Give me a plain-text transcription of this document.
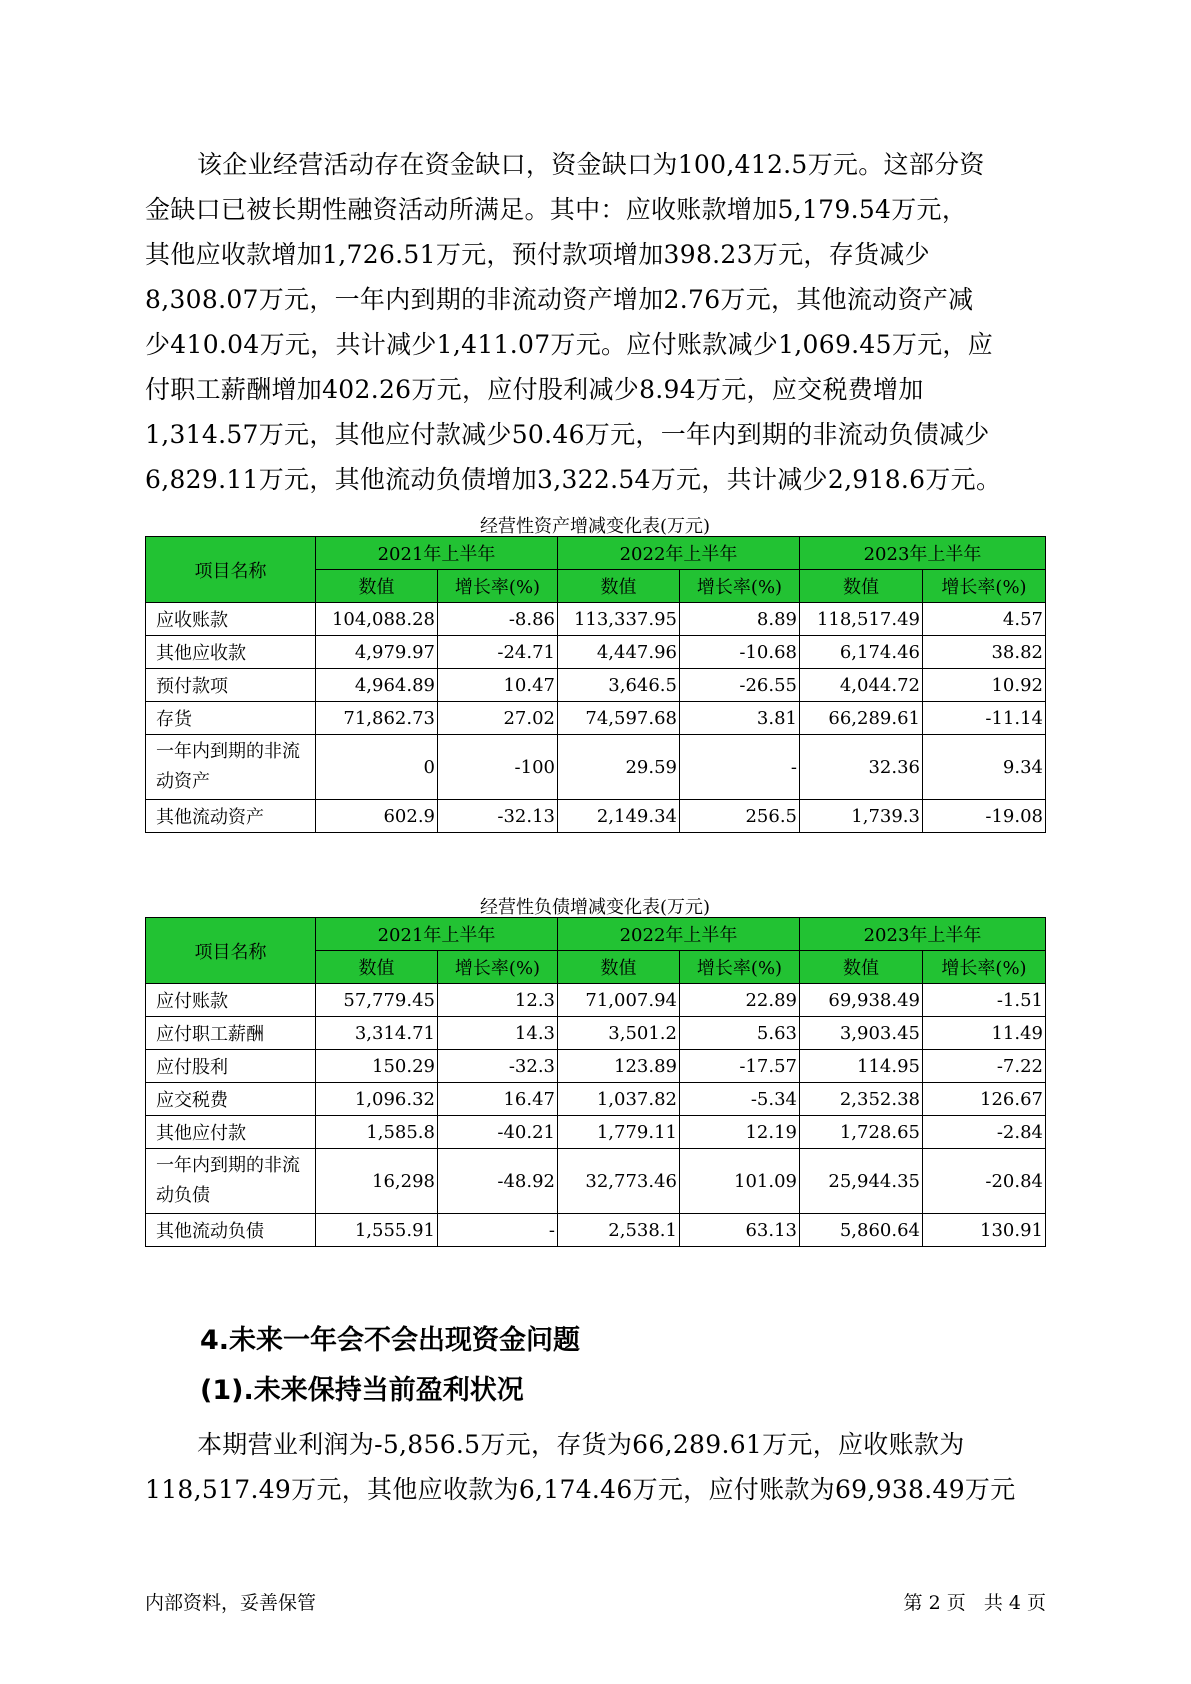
该企业经营活动存在资金缺口，资金缺口为100,412.5万元。这部分资
金缺口已被长期性融资活动所满足。其中：应收账款增加5,179.54万元，
其他应收款增加1,726.51万元，预付款项增加398.23万元，存货减少
8,308.07万元，一年内到期的非流动资产增加2.76万元，其他流动资产减
少410.04万元，共计减少1,411.07万元。应付账款减少1,069.45万元，应
付职工薪酬增加402.26万元，应付股利减少8.94万元，应交税费增加
1,314.57万元，其他应付款减少50.46万元，一年内到期的非流动负债减少
6,829.11万元，其他流动负债增加3,322.54万元，共计减少2,918.6万元。
经营性资产增减变化表(万元)
项目名称	2021年上半年		2022年上半年		2023年上半年	
	数值	增长率(%)	数值	增长率(%)	数值	增长率(%)
应收账款	104,088.28	-8.86	113,337.95	8.89	118,517.49	4.57
其他应收款	4,979.97	-24.71	4,447.96	-10.68	6,174.46	38.82
预付款项	4,964.89	10.47	3,646.5	-26.55	4,044.72	10.92
存货	71,862.73	27.02	74,597.68	3.81	66,289.61	-11.14
一年内到期的非流
动资产	0	-100	29.59	-	32.36	9.34
其他流动资产	602.9	-32.13	2,149.34	256.5	1,739.3	-19.08
经营性负债增减变化表(万元)
项目名称	2021年上半年		2022年上半年		2023年上半年	
	数值	增长率(%)	数值	增长率(%)	数值	增长率(%)
应付账款	57,779.45	12.3	71,007.94	22.89	69,938.49	-1.51
应付职工薪酬	3,314.71	14.3	3,501.2	5.63	3,903.45	11.49
应付股利	150.29	-32.3	123.89	-17.57	114.95	-7.22
应交税费	1,096.32	16.47	1,037.82	-5.34	2,352.38	126.67
其他应付款	1,585.8	-40.21	1,779.11	12.19	1,728.65	-2.84
一年内到期的非流
动负债	16,298	-48.92	32,773.46	101.09	25,944.35	-20.84
其他流动负债	1,555.91	-	2,538.1	63.13	5,860.64	130.91
4.未来一年会不会出现资金问题
(1).未来保持当前盈利状况
本期营业利润为-5,856.5万元，存货为66,289.61万元，应收账款为
118,517.49万元，其他应收款为6,174.46万元，应付账款为69,938.49万元
内部资料，妥善保管	第 2 页   共 4 页
